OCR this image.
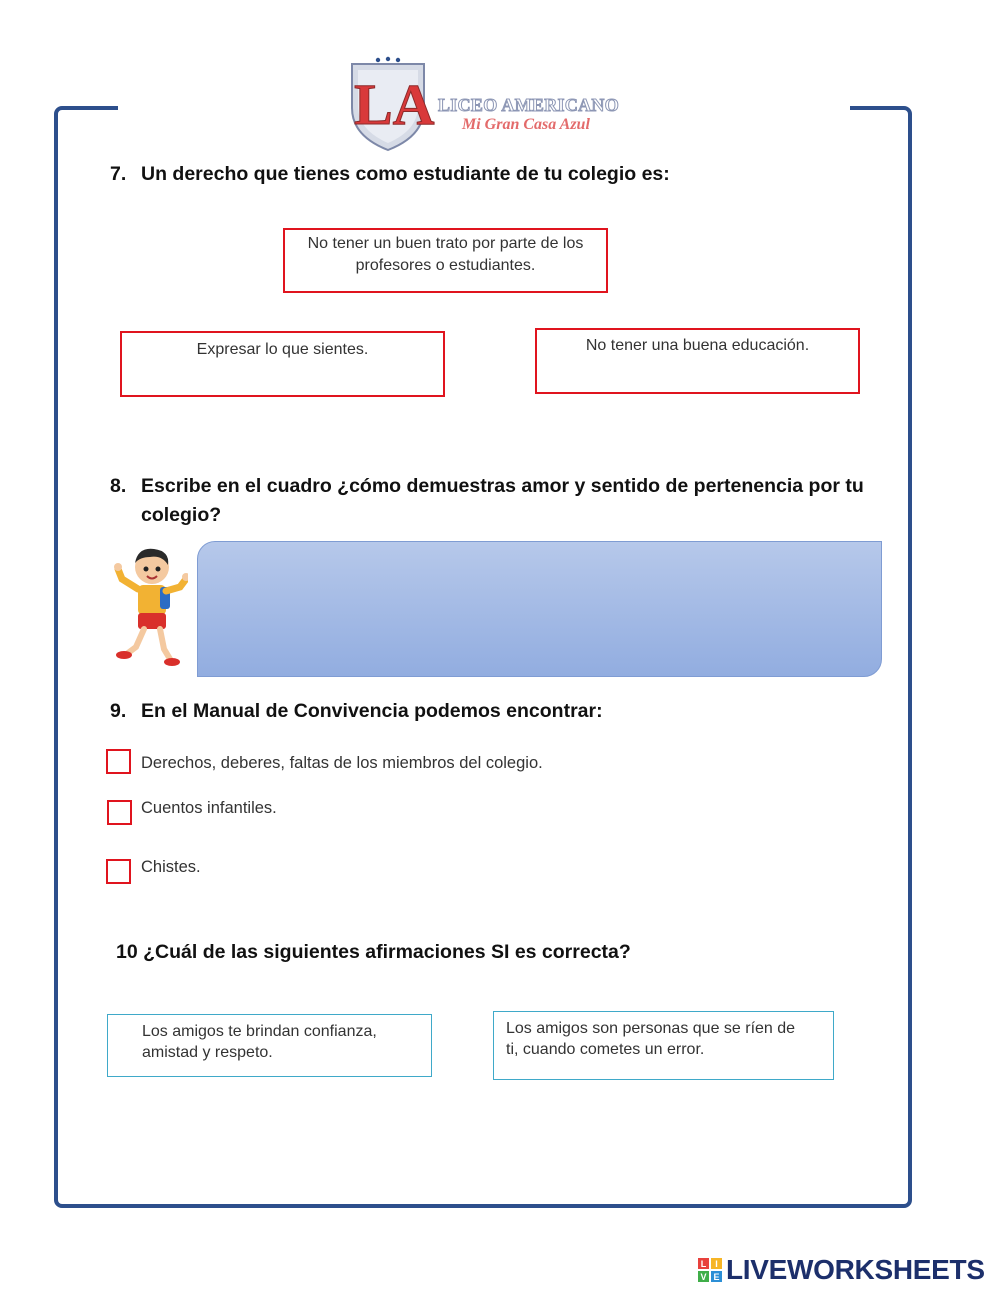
LA LICEO AMERICANO
Mi Gran Casa Azul
7. Un derecho que tienes como estudiante de tu colegio es:
No tener un buen trato por parte de los profesores o estudiantes.
Expresar lo que sientes.	No tener una buena educación.
8. Escribe en el cuadro ¿cómo demuestras amor y sentido de pertenencia por tu colegio?
9. En el Manual de Convivencia podemos encontrar:
Derechos, deberes, faltas de los miembros del colegio.
Cuentos infantiles.
Chistes.
10 ¿Cuál de las siguientes afirmaciones SI es correcta?
Los amigos te brindan confianza, amistad y respeto.
Los amigos son personas que se ríen de ti, cuando cometes un error.
L I
V E LIVEWORKSHEETS
